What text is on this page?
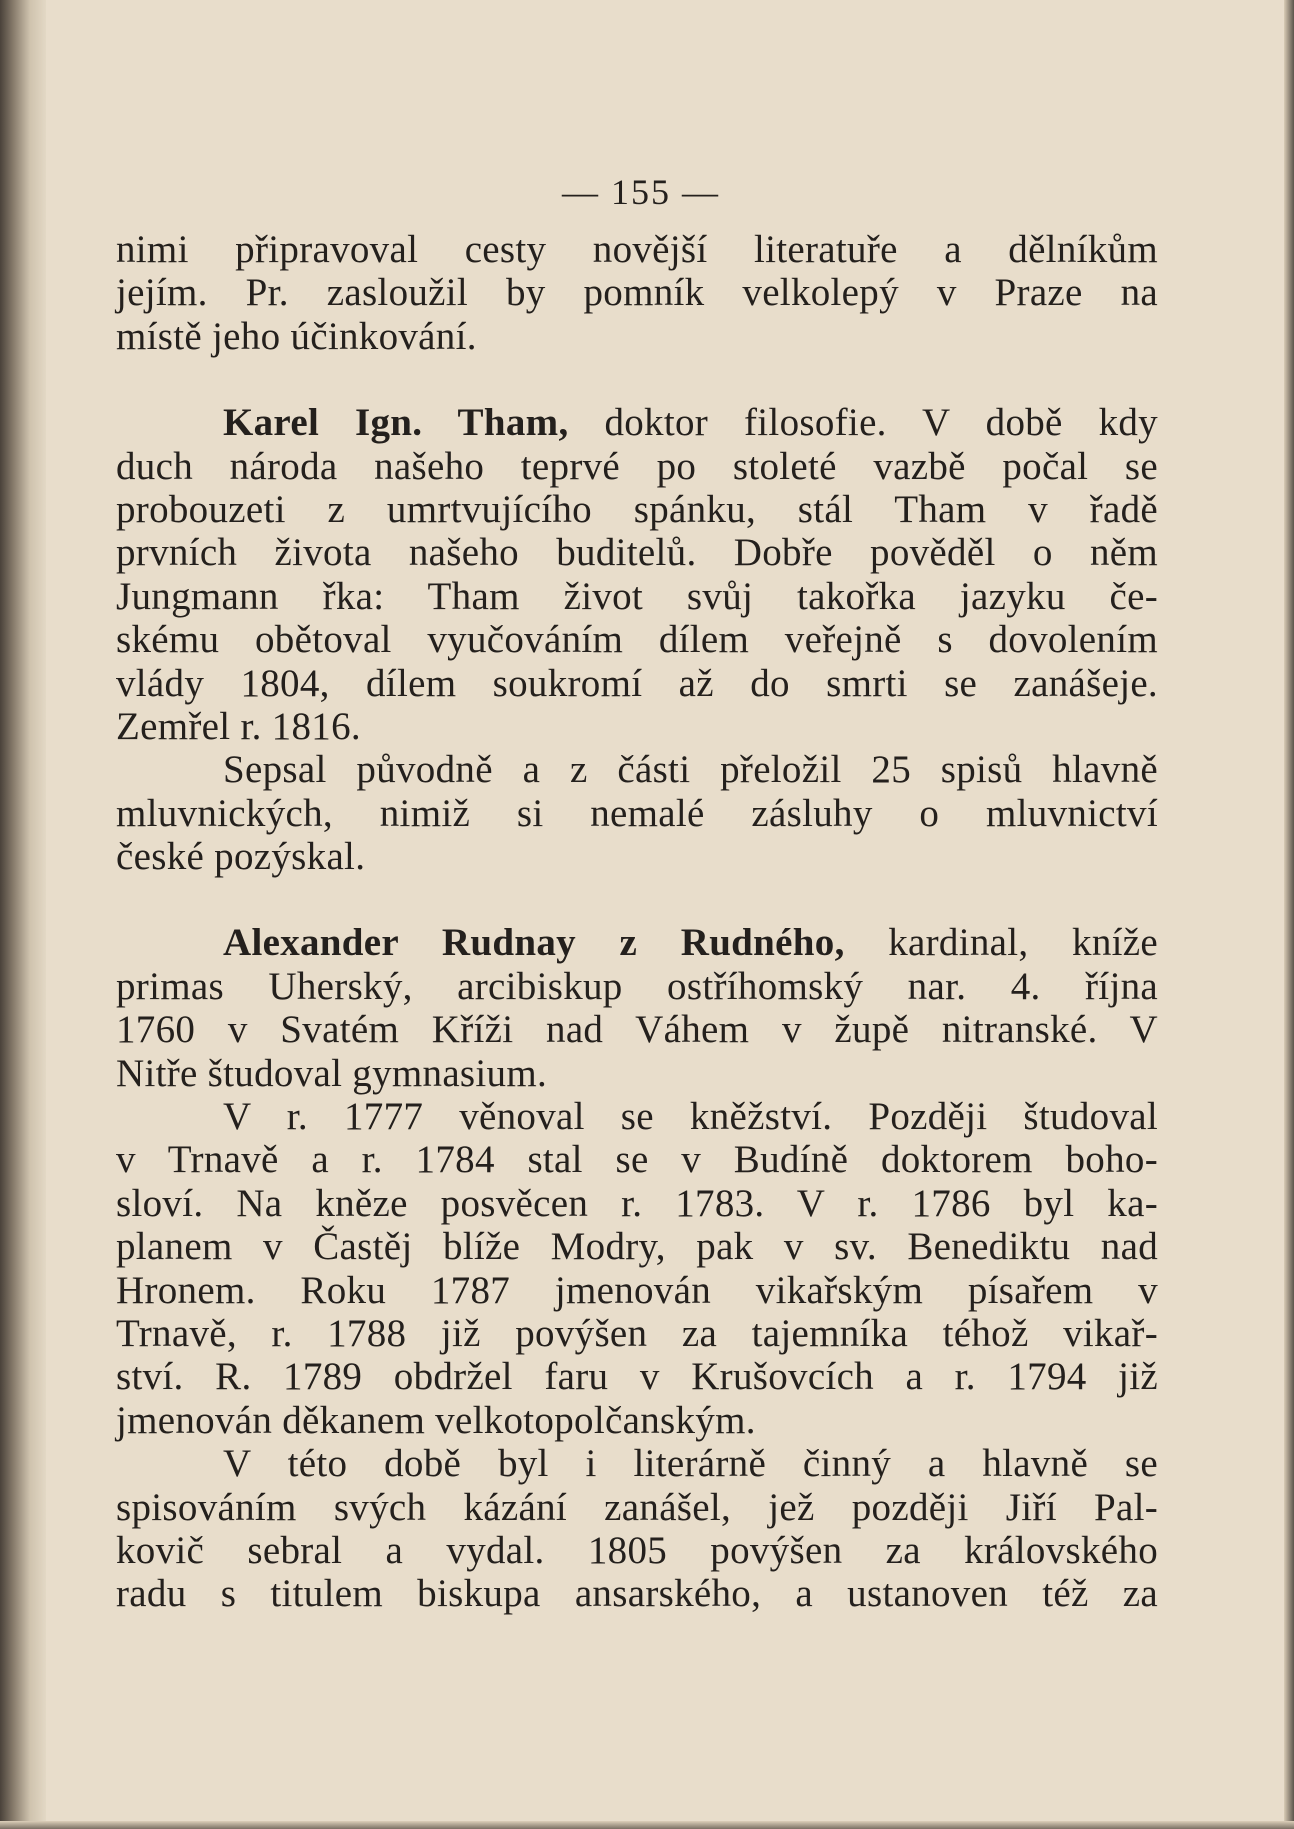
— 155 —
nimi připravoval cesty novější literatuře a dělníkům
jejím. Pr. zasloužil by pomník velkolepý v Praze na
místě jeho účinkování.
Karel Ign. Tham, doktor filosofie. V době kdy
duch národa našeho teprvé po stoleté vazbě počal se
probouzeti z umrtvujícího spánku, stál Tham v řadě
prvních života našeho buditelů. Dobře pověděl o něm
Jungmann řka: Tham život svůj takořka jazyku če-
skému obětoval vyučováním dílem veřejně s dovolením
vlády 1804, dílem soukromí až do smrti se zanášeje.
Zemřel r. 1816.
Sepsal původně a z části přeložil 25 spisů hlavně
mluvnických, nimiž si nemalé zásluhy o mluvnictví
české pozýskal.
Alexander Rudnay z Rudného, kardinal, kníže
primas Uherský, arcibiskup ostříhomský nar. 4. října
1760 v Svatém Kříži nad Váhem v župě nitranské. V
Nitře študoval gymnasium.
V r. 1777 věnoval se kněžství. Později študoval
v Trnavě a r. 1784 stal se v Budíně doktorem boho-
sloví. Na kněze posvěcen r. 1783. V r. 1786 byl ka-
planem v Častěj blíže Modry, pak v sv. Benediktu nad
Hronem. Roku 1787 jmenován vikařským písařem v
Trnavě, r. 1788 již povýšen za tajemníka téhož vikař-
ství. R. 1789 obdržel faru v Krušovcích a r. 1794 již
jmenován děkanem velkotopolčanským.
V této době byl i literárně činný a hlavně se
spisováním svých kázání zanášel, jež později Jiří Pal-
kovič sebral a vydal. 1805 povýšen za královského
radu s titulem biskupa ansarského, a ustanoven též za
